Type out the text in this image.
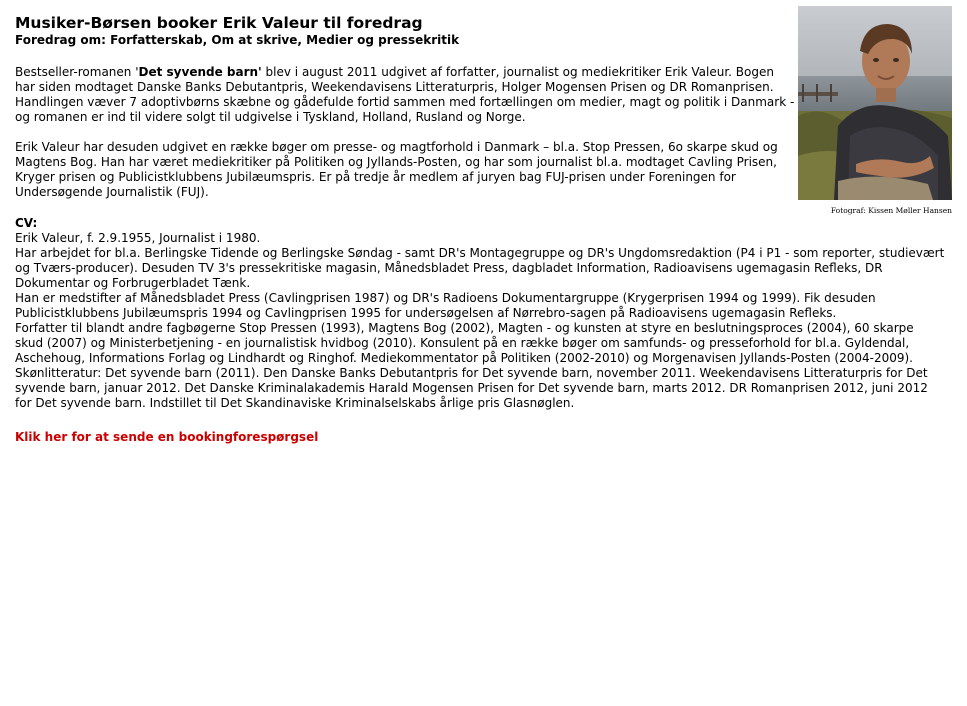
Musiker-Børsen booker Erik Valeur til foredrag
Foredrag om: Forfatterskab, Om at skrive, Medier og pressekritik

Bestseller-romanen 'Det syvende barn' blev i august 2011 udgivet af forfatter, journalist og mediekritiker Erik Valeur. Bogen har siden modtaget Danske Banks Debutantpris, Weekendavisens Litteraturpris, Holger Mogensen Prisen og DR Romanprisen. Handlingen væver 7 adoptivbørns skæbne og gådefulde fortid sammen med fortællingen om medier, magt og politik i Danmark - og romanen er ind til videre solgt til udgivelse i Tyskland, Holland, Rusland og Norge.

Erik Valeur har desuden udgivet en række bøger om presse- og magtforhold i Danmark – bl.a. Stop Pressen, 6o skarpe skud og Magtens Bog. Han har været mediekritiker på Politiken og Jyllands-Posten, og har som journalist bl.a. modtaget Cavling Prisen, Kryger prisen og Publicistklubbens Jubilæumspris. Er på tredje år medlem af juryen bag FUJ-prisen under Foreningen for Undersøgende Journalistik (FUJ).

Fotograf: Kissen Møller Hansen
CV:

Erik Valeur, f. 2.9.1955, Journalist i 1980.

Har arbejdet for bl.a. Berlingske Tidende og Berlingske Søndag - samt DR's Montagegruppe og DR's Ungdomsredaktion (P4 i P1 - som reporter, studievært og Tværs-producer). Desuden TV 3's pressekritiske magasin, Månedsbladet Press, dagbladet Information, Radioavisens ugemagasin Refleks, DR Dokumentar og Forbrugerbladet Tænk.

Han er medstifter af Månedsbladet Press (Cavlingprisen 1987) og DR's Radioens Dokumentargruppe (Krygerprisen 1994 og 1999). Fik desuden Publicistklubbens Jubilæumspris 1994 og Cavlingprisen 1995 for undersøgelsen af Nørrebro-sagen på Radioavisens ugemagasin Refleks.

Forfatter til blandt andre fagbøgerne Stop Pressen (1993), Magtens Bog (2002), Magten - og kunsten at styre en beslutningsproces (2004), 60 skarpe skud (2007) og Ministerbetjening - en journalistisk hvidbog (2010). Konsulent på en række bøger om samfunds- og presseforhold for bl.a. Gyldendal, Aschehoug, Informations Forlag og Lindhardt og Ringhof. Mediekommentator på Politiken (2002-2010) og Morgenavisen Jyllands-Posten (2004-2009).

Skønlitteratur: Det syvende barn (2011). Den Danske Banks Debutantpris for Det syvende barn, november 2011. Weekendavisens Litteraturpris for Det syvende barn, januar 2012. Det Danske Kriminalakademis Harald Mogensen Prisen for Det syvende barn, marts 2012. DR Romanprisen 2012, juni 2012 for Det syvende barn. Indstillet til Det Skandinaviske Kriminalselskabs årlige pris Glasnøglen.

Klik her for at sende en bookingforespørgsel
